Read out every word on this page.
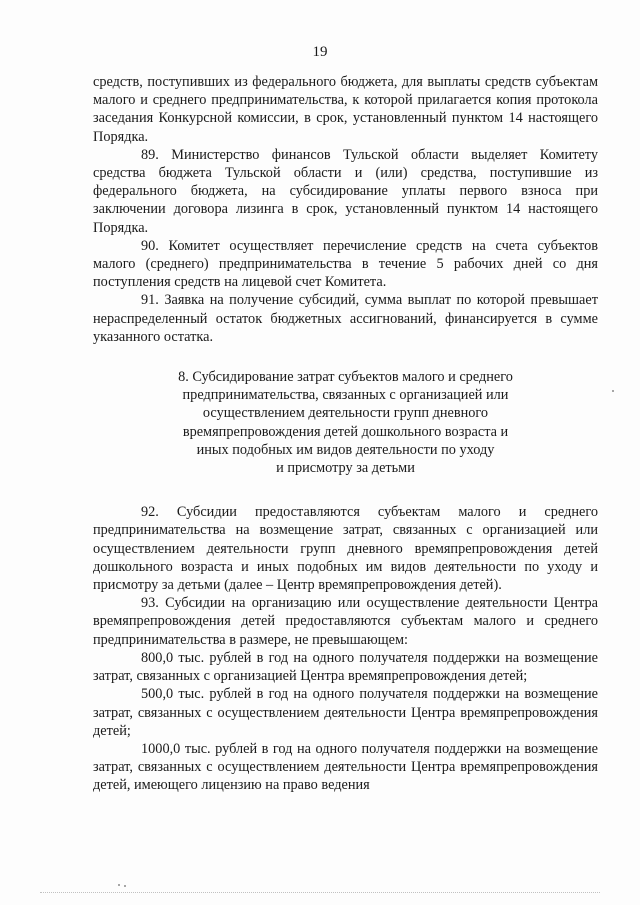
19

средств, поступивших из федерального бюджета, для выплаты средств субъектам малого и среднего предпринимательства, к которой прилагается копия протокола заседания Конкурсной комиссии, в срок, установленный пунктом 14 настоящего Порядка.

89. Министерство финансов Тульской области выделяет Комитету средства бюджета Тульской области и (или) средства, поступившие из федерального бюджета, на субсидирование уплаты первого взноса при заключении договора лизинга в срок, установленный пунктом 14 настоящего Порядка.

90. Комитет осуществляет перечисление средств на счета субъектов малого (среднего) предпринимательства в течение 5 рабочих дней со дня поступления средств на лицевой счет Комитета.

91. Заявка на получение субсидий, сумма выплат по которой превышает нераспределенный остаток бюджетных ассигнований, финансируется в сумме указанного остатка.

8. Субсидирование затрат субъектов малого и среднего
предпринимательства, связанных с организацией или
осуществлением деятельности групп дневного
времяпрепровождения детей дошкольного возраста и
иных подобных им видов деятельности по уходу
и присмотру за детьми

92. Субсидии предоставляются субъектам малого и среднего предпринимательства на возмещение затрат, связанных с организацией или осуществлением деятельности групп дневного времяпрепровождения детей дошкольного возраста и иных подобных им видов деятельности по уходу и присмотру за детьми (далее – Центр времяпрепровождения детей).

93. Субсидии на организацию или осуществление деятельности Центра времяпрепровождения детей предоставляются субъектам малого и среднего предпринимательства в размере, не превышающем:

800,0 тыс. рублей в год на одного получателя поддержки на возмещение затрат, связанных с организацией Центра времяпрепровождения детей;

500,0 тыс. рублей в год на одного получателя поддержки на возмещение затрат, связанных с осуществлением деятельности Центра времяпрепровождения детей;

1000,0 тыс. рублей в год на одного получателя поддержки на возмещение затрат, связанных с осуществлением деятельности Центра времяпрепровождения детей, имеющего лицензию на право ведения
